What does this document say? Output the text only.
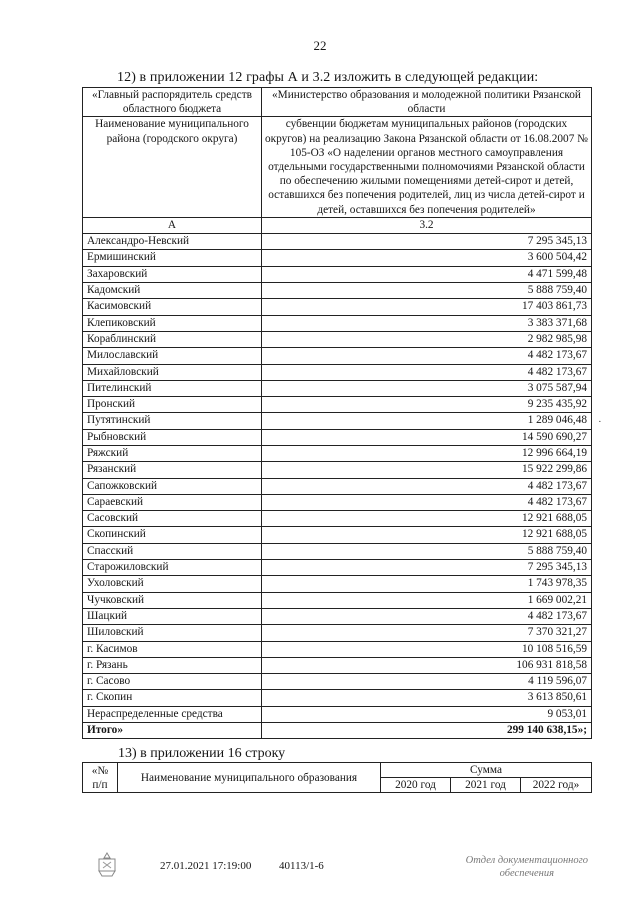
22
12) в приложении 12 графы А и 3.2 изложить в следующей редакции:
«Главный распорядитель средств областного бюджета	«Министерство образования и молодежной политики Рязанской области
Наименование муниципального района (городского округа)	субвенции бюджетам муниципальных районов (городских округов) на реализацию Закона Рязанской области от 16.08.2007 № 105-ОЗ «О наделении органов местного самоуправления отдельными государственными полномочиями Рязанской области по обеспечению жилыми помещениями детей-сирот и детей, оставшихся без попечения родителей, лиц из числа детей-сирот и детей, оставшихся без попечения родителей»
А	3.2
Александро-Невский	7 295 345,13
Ермишинский	3 600 504,42
Захаровский	4 471 599,48
Кадомский	5 888 759,40
Касимовский	17 403 861,73
Клепиковский	3 383 371,68
Кораблинский	2 982 985,98
Милославский	4 482 173,67
Михайловский	4 482 173,67
Пителинский	3 075 587,94
Пронский	9 235 435,92
Путятинский	1 289 046,48
Рыбновский	14 590 690,27
Ряжский	12 996 664,19
Рязанский	15 922 299,86
Сапожковский	4 482 173,67
Сараевский	4 482 173,67
Сасовский	12 921 688,05
Скопинский	12 921 688,05
Спасский	5 888 759,40
Старожиловский	7 295 345,13
Ухоловский	1 743 978,35
Чучковский	1 669 002,21
Шацкий	4 482 173,67
Шиловский	7 370 321,27
г. Касимов	10 108 516,59
г. Рязань	106 931 818,58
г. Сасово	4 119 596,07
г. Скопин	3 613 850,61
Нераспределенные средства	9 053,01
Итого»	299 140 638,15»;
13) в приложении 16 строку
«№ п/п	Наименование муниципального образования	Сумма		
		2020 год	2021 год	2022 год»
27.01.2021 17:19:00	40113/1-6	Отдел документационного
обеспечения
·
